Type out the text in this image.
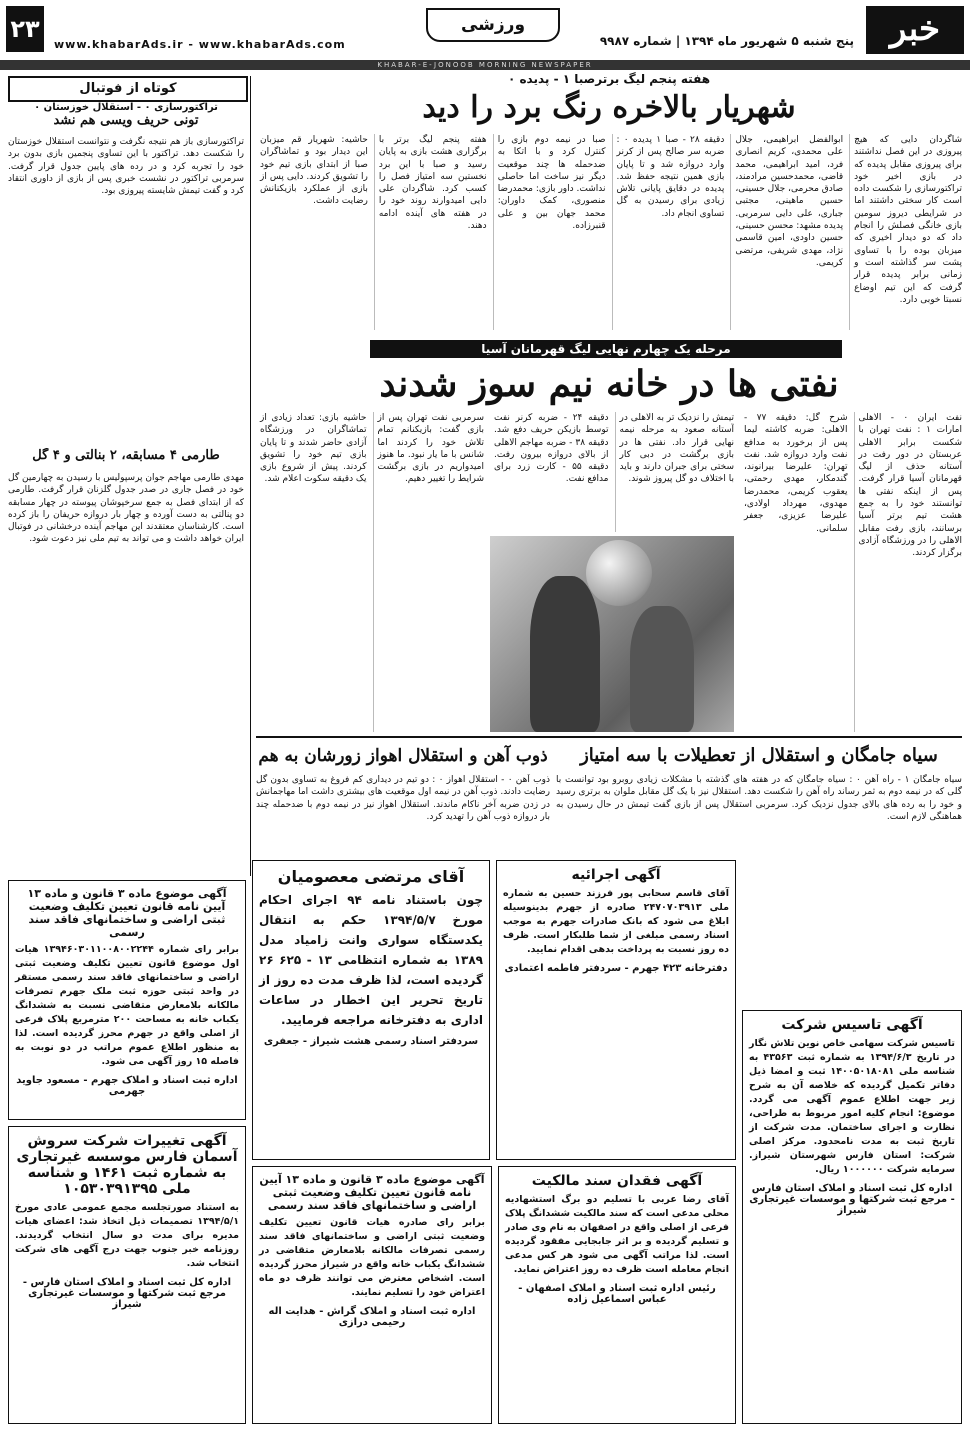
خبر
پنج شنبه ۵ شهریور ماه ۱۳۹۴ | شماره ۹۹۸۷
ورزشی
www.khabarAds.ir - www.khabarAds.com
۲۳
KHABAR-E-JONOOB MORNING NEWSPAPER
کوتاه از فوتبال
تراکتورسازی ۰ - استقلال خوزستان ۰
تونی حریف ویسی هم نشد
تراکتورسازی باز هم نتیجه نگرفت و نتوانست استقلال خوزستان را شکست دهد. تراکتور با این تساوی پنجمین بازی بدون برد خود را تجربه کرد و در رده های پایین جدول قرار گرفت. سرمربی تراکتور در نشست خبری پس از بازی از داوری انتقاد کرد و گفت تیمش شایسته پیروزی بود.
طارمی ۴ مسابقه، ۲ بنالتی و ۴ گل
مهدی طارمی مهاجم جوان پرسپولیس با رسیدن به چهارمین گل خود در فصل جاری در صدر جدول گلزنان قرار گرفت. طارمی که از ابتدای فصل به جمع سرخپوشان پیوسته در چهار مسابقه دو پنالتی به دست آورده و چهار بار دروازه حریفان را باز کرده است. کارشناسان معتقدند این مهاجم آینده درخشانی در فوتبال ایران خواهد داشت و می تواند به تیم ملی نیز دعوت شود.
هفته پنجم لیگ برترصبا ۱ - پدیده ۰
شهریار بالاخره رنگ برد را دید
شاگردان دایی که هیچ پیروزی در این فصل نداشتند برای پیروزی مقابل پدیده که در بازی اخیر خود تراکتورسازی را شکست داده است کار سختی داشتند اما در شرایطی دیروز سومین بازی خانگی فصلش را انجام داد که دو دیدار اخیری که میزبان بوده را با تساوی پشت سر گذاشته است و زمانی برابر پدیده قرار گرفت که این تیم اوضاع نسبتا خوبی دارد.
ابوالفضل ابراهیمی، جلال علی محمدی، کریم انصاری فرد، امید ابراهیمی، محمد قاضی، محمدحسین مرادمند، صادق محرمی، جلال حسینی، حسین ماهینی، مجتبی جباری، علی دایی سرمربی. پدیده مشهد: محسن حسینی، حسین داودی، امین قاسمی نژاد، مهدی شریفی، مرتضی کریمی.
دقیقه ۲۸ - صبا ۱ پدیده ۰ : ضربه سر صالح پس از کرنر وارد دروازه شد و تا پایان بازی همین نتیجه حفظ شد. پدیده در دقایق پایانی تلاش زیادی برای رسیدن به گل تساوی انجام داد.
صبا در نیمه دوم بازی را کنترل کرد و با اتکا به ضدحمله ها چند موقعیت دیگر نیز ساخت اما حاصلی نداشت. داور بازی: محمدرضا منصوری، کمک داوران: محمد جهان بین و علی قنبرزاده.
هفته پنجم لیگ برتر با برگزاری هشت بازی به پایان رسید و صبا با این برد نخستین سه امتیاز فصل را کسب کرد. شاگردان علی دایی امیدوارند روند خود را در هفته های آینده ادامه دهند.
حاشیه: شهریار قم میزبان این دیدار بود و تماشاگران صبا از ابتدای بازی تیم خود را تشویق کردند. دایی پس از بازی از عملکرد بازیکنانش رضایت داشت.
مرحله یک چهارم نهایی لیگ قهرمانان آسیا
نفتی ها در خانه نیم سوز شدند
نفت ایران ۰ - الاهلی امارات ۱ : نفت تهران با شکست برابر الاهلی عربستان در دور رفت در آستانه حذف از لیگ قهرمانان آسیا قرار گرفت. پس از اینکه نفتی ها توانستند خود را به جمع هشت تیم برتر آسیا برسانند، بازی رفت مقابل الاهلی را در ورزشگاه آزادی برگزار کردند.
شرح گل: دقیقه ۷۷ - الاهلی: ضربه کاشته لیما پس از برخورد به مدافع نفت وارد دروازه شد. نفت تهران: علیرضا بیرانوند، گندمکار، مهدی رحمتی، یعقوب کریمی، محمدرضا مهدوی، مهرداد اولادی، علیرضا عزیزی، جعفر سلمانی.
تیمش را نزدیک تر به الاهلی در آستانه صعود به مرحله نیمه نهایی قرار داد. نفتی ها در بازی برگشت در دبی کار سختی برای جبران دارند و باید با اختلاف دو گل پیروز شوند.
دقیقه ۲۴ - ضربه کرنر نفت توسط بازیکن حریف دفع شد. دقیقه ۳۸ - ضربه مهاجم الاهلی از بالای دروازه بیرون رفت. دقیقه ۵۵ - کارت زرد برای مدافع نفت.
سرمربی نفت تهران پس از بازی گفت: بازیکنانم تمام تلاش خود را کردند اما شانس با ما یار نبود. ما هنوز امیدواریم در بازی برگشت شرایط را تغییر دهیم.
حاشیه بازی: تعداد زیادی از تماشاگران در ورزشگاه آزادی حاضر شدند و تا پایان بازی تیم خود را تشویق کردند. پیش از شروع بازی یک دقیقه سکوت اعلام شد.
سیاه جامگان و استقلال از تعطیلات با سه امتیاز
سیاه جامگان ۱ - راه آهن ۰ : سیاه جامگان که در هفته های گذشته با مشکلات زیادی روبرو بود توانست با گلی که در نیمه دوم به ثمر رساند راه آهن را شکست دهد. استقلال نیز با یک گل مقابل ملوان به برتری رسید و خود را به رده های بالای جدول نزدیک کرد. سرمربی استقلال پس از بازی گفت تیمش در حال رسیدن به هماهنگی لازم است.
ذوب آهن و استقلال اهواز زورشان به هم
ذوب آهن ۰ - استقلال اهواز ۰ : دو تیم در دیداری کم فروغ به تساوی بدون گل رضایت دادند. ذوب آهن در نیمه اول موقعیت های بیشتری داشت اما مهاجمانش در زدن ضربه آخر ناکام ماندند. استقلال اهواز نیز در نیمه دوم با ضدحمله چند بار دروازه ذوب آهن را تهدید کرد.
آگهی موضوع ماده ۳ قانون و ماده ۱۳ آیین نامه قانون تعیین تکلیف وضعیت ثبتی اراضی و ساختمانهای فاقد سند رسمی
برابر رای شماره ۱۳۹۴۶۰۳۰۱۱۰۰۸۰۰۲۲۴۴ هیات اول موضوع قانون تعیین تکلیف وضعیت ثبتی اراضی و ساختمانهای فاقد سند رسمی مستقر در واحد ثبتی حوزه ثبت ملک جهرم تصرفات مالکانه بلامعارض متقاضی نسبت به ششدانگ یکباب خانه به مساحت ۲۰۰ مترمربع پلاک فرعی از اصلی واقع در جهرم محرز گردیده است. لذا به منظور اطلاع عموم مراتب در دو نوبت به فاصله ۱۵ روز آگهی می شود.
اداره ثبت اسناد و املاک جهرم - مسعود جاوید جهرمی
آگهی تغییرات شرکت سروش آسمان فارس موسسه غیرتجاری به شماره ثبت ۱۴۶۱ و شناسه ملی ۱۰۵۳۰۳۹۱۳۹۵
به استناد صورتجلسه مجمع عمومی عادی مورخ ۱۳۹۴/۵/۱ تصمیمات ذیل اتخاذ شد: اعضای هیات مدیره برای مدت دو سال انتخاب گردیدند. روزنامه خبر جنوب جهت درج آگهی های شرکت انتخاب شد.
اداره کل ثبت اسناد و املاک استان فارس - مرجع ثبت شرکتها و موسسات غیرتجاری شیراز
آقای مرتضی معصومیان
چون باستناد نامه ۹۴ اجرای احکام مورخ ۱۳۹۴/۵/۷ حکم به انتقال یکدستگاه سواری وانت زامیاد مدل ۱۳۸۹ به شماره انتظامی ۱۳ - ۶۲۵ ۲۶ گردیده است، لذا ظرف مدت ده روز از تاریخ تحریر این اخطار در ساعات اداری به دفترخانه مراجعه فرمایید.
سردفتر اسناد رسمی هشت شیراز - جعفری
آگهی اجرائیه
آقای قاسم سحابی پور فرزند حسین به شماره ملی ۲۴۷۰۷۰۳۹۱۳ صادره از جهرم بدینوسیله ابلاغ می شود که بانک صادرات جهرم به موجب اسناد رسمی مبلغی از شما طلبکار است. ظرف ده روز نسبت به پرداخت بدهی اقدام نمایید.
دفترخانه ۴۲۳ جهرم - سردفتر فاطمه اعتمادی
آگهی موضوع ماده ۳ قانون و ماده ۱۳ آیین نامه قانون تعیین تکلیف وضعیت ثبتی اراضی و ساختمانهای فاقد سند رسمی
برابر رای صادره هیات قانون تعیین تکلیف وضعیت ثبتی اراضی و ساختمانهای فاقد سند رسمی تصرفات مالکانه بلامعارض متقاضی در ششدانگ یکباب خانه واقع در شیراز محرز گردیده است. اشخاص معترض می توانند ظرف دو ماه اعتراض خود را تسلیم نمایند.
اداره ثبت اسناد و املاک گراش - هدایت اله رحیمی درازی
آگهی فقدان سند مالکیت
آقای رضا عربی با تسلیم دو برگ استشهادیه محلی مدعی است که سند مالکیت ششدانگ پلاک فرعی از اصلی واقع در اصفهان به نام وی صادر و تسلیم گردیده و بر اثر جابجایی مفقود گردیده است. لذا مراتب آگهی می شود هر کس مدعی انجام معامله است ظرف ده روز اعتراض نماید.
رئیس اداره ثبت اسناد و املاک اصفهان - عباس اسماعیل زاده
آگهی تاسیس شرکت
تاسیس شرکت سهامی خاص نوین تلاش نگار در تاریخ ۱۳۹۴/۶/۳ به شماره ثبت ۴۳۵۶۳ به شناسه ملی ۱۴۰۰۵۰۱۸۰۸۱ ثبت و امضا ذیل دفاتر تکمیل گردیده که خلاصه آن به شرح زیر جهت اطلاع عموم آگهی می گردد. موضوع: انجام کلیه امور مربوط به طراحی، نظارت و اجرای ساختمان. مدت شرکت از تاریخ ثبت به مدت نامحدود. مرکز اصلی شرکت: استان فارس شهرستان شیراز. سرمایه شرکت ۱۰۰۰۰۰۰ ریال.
اداره کل ثبت اسناد و املاک استان فارس - مرجع ثبت شرکتها و موسسات غیرتجاری شیراز
